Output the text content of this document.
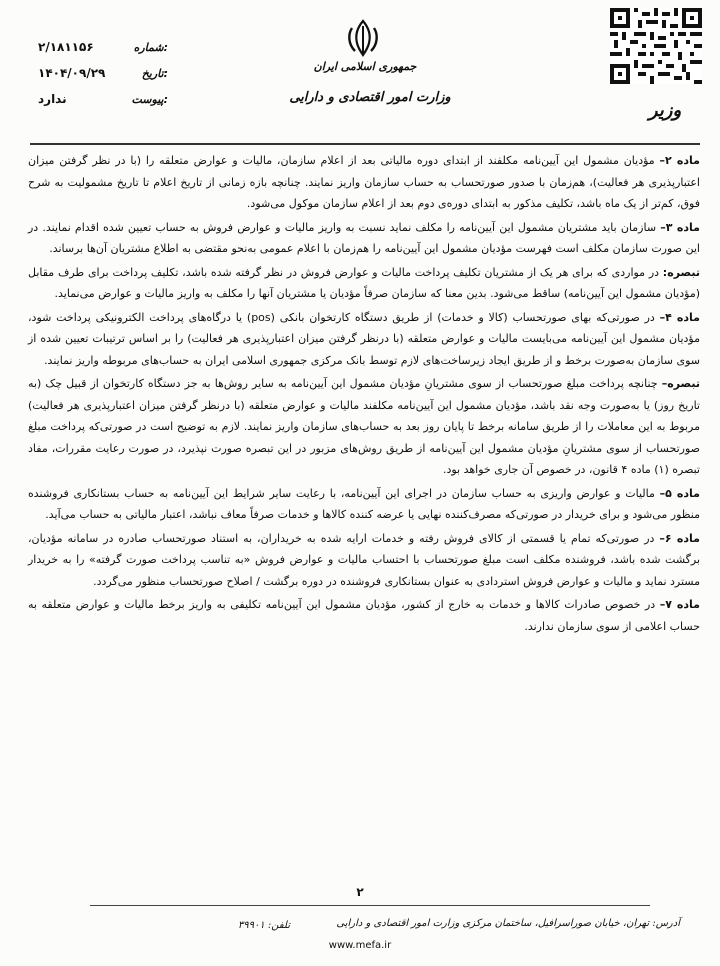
۲/۱۸۱۱۵۶	شماره:
۱۴۰۴/۰۹/۲۹	تاریخ:
ندارد	پیوست:
جمهوری اسلامی ایران
وزارت امور اقتصادی و دارایی
وزیر

ماده ۲– مؤدیان مشمول این آیین‌نامه مکلفند از ابتدای دوره مالیاتی بعد از اعلام سازمان، مالیات و عوارض متعلقه را (با در نظر گرفتن میزان اعتبارپذیری هر فعالیت)، هم‌زمان با صدور صورتحساب به حساب سازمان واریز نمایند. چنانچه بازه زمانی از تاریخ اعلام تا تاریخ مشمولیت به شرح فوق، کم‌تر از یک ماه باشد، تکلیف مذکور به ابتدای دوره‌ی دوم بعد از اعلام سازمان موکول می‌شود.

ماده ۳– سازمان باید مشتریان مشمول این آیین‌نامه را مکلف نماید نسبت به واریز مالیات و عوارض فروش به حساب تعیین شده اقدام نمایند. در این صورت سازمان مکلف است فهرست مؤدیان مشمول این آیین‌نامه را هم‌زمان با اعلام عمومی به‌نحو مقتضی به اطلاع مشتریان آن‌ها برساند.

تبصره: در مواردی که برای هر یک از مشتریان تکلیف پرداخت مالیات و عوارض فروش در نظر گرفته شده باشد، تکلیف پرداخت برای طرف مقابل (مؤدیان مشمول این آیین‌نامه) ساقط می‌شود. بدین معنا که سازمان صرفاً مؤدیان یا مشتریان آنها را مکلف به واریز مالیات و عوارض می‌نماید.

ماده ۴– در صورتی‌که بهای صورتحساب (کالا و خدمات) از طریق دستگاه کارتخوان بانکی (pos) یا درگاه‌های پرداخت الکترونیکی پرداخت شود، مؤدیان مشمول این آیین‌نامه می‌بایست مالیات و عوارض متعلقه (با درنظر گرفتن میزان اعتبارپذیری هر فعالیت) را بر اساس ترتیبات تعیین شده از سوی سازمان به‌صورت برخط و از طریق ایجاد زیرساخت‌های لازم توسط بانک مرکزی جمهوری اسلامی ایران به حساب‌های مربوطه واریز نمایند.

تبصره– چنانچه پرداخت مبلغ صورتحساب از سوی مشتریانِ مؤدیان مشمول این آیین‌نامه به سایر روش‌ها به جز دستگاه کارتخوان از قبیل چک (به تاریخ روز) یا به‌صورت وجه نقد باشد، مؤدیان مشمول این آیین‌نامه مکلفند مالیات و عوارض متعلقه (با درنظر گرفتن میزان اعتبارپذیری هر فعالیت) مربوط به این معاملات را از طریق سامانه برخط تا پایان روز بعد به حساب‌های سازمان واریز نمایند. لازم به توضیح است در صورتی‌که پرداخت مبلغ صورتحساب از سوی مشتریانِ مؤدیان مشمول این آیین‌نامه از طریق روش‌های مزبور در این تبصره صورت نپذیرد، در صورت رعایت مقررات، مفاد تبصره (۱) ماده ۴ قانون، در خصوص آن جاری خواهد بود.

ماده ۵– مالیات و عوارض واریزی به حساب سازمان در اجرای این آیین‌نامه، با رعایت سایر شرایط این آیین‌نامه به حساب بستانکاری فروشنده منظور می‌شود و برای خریدار در صورتی‌که مصرف‌کننده نهایی یا عرضه کننده کالاها و خدمات صرفاً معاف نباشد، اعتبار مالیاتی به حساب می‌آید.

ماده ۶– در صورتی‌که تمام یا قسمتی از کالای فروش رفته و خدمات ارایه شده به خریداران، به استناد صورتحساب صادره در سامانه مؤدیان، برگشت شده باشد، فروشنده مکلف است مبلغ صورتحساب با احتساب مالیات و عوارض فروش «به تناسب پرداخت صورت گرفته» را به خریدار مسترد نماید و مالیات و عوارض فروش استردادی به عنوان بستانکاری فروشنده در دوره برگشت / اصلاح صورتحساب منظور می‌گردد.

ماده ۷– در خصوص صادرات کالاها و خدمات به خارج از کشور، مؤدیان مشمول این آیین‌نامه تکلیفی به واریز برخط مالیات و عوارض متعلقه به حساب اعلامی از سوی سازمان ندارند.

۲
آدرس: تهران، خیابان صوراسرافیل، ساختمان مرکزی وزارت امور اقتصادی و دارایی
تلفن: ۳۹۹۰۱
www.mefa.ir
